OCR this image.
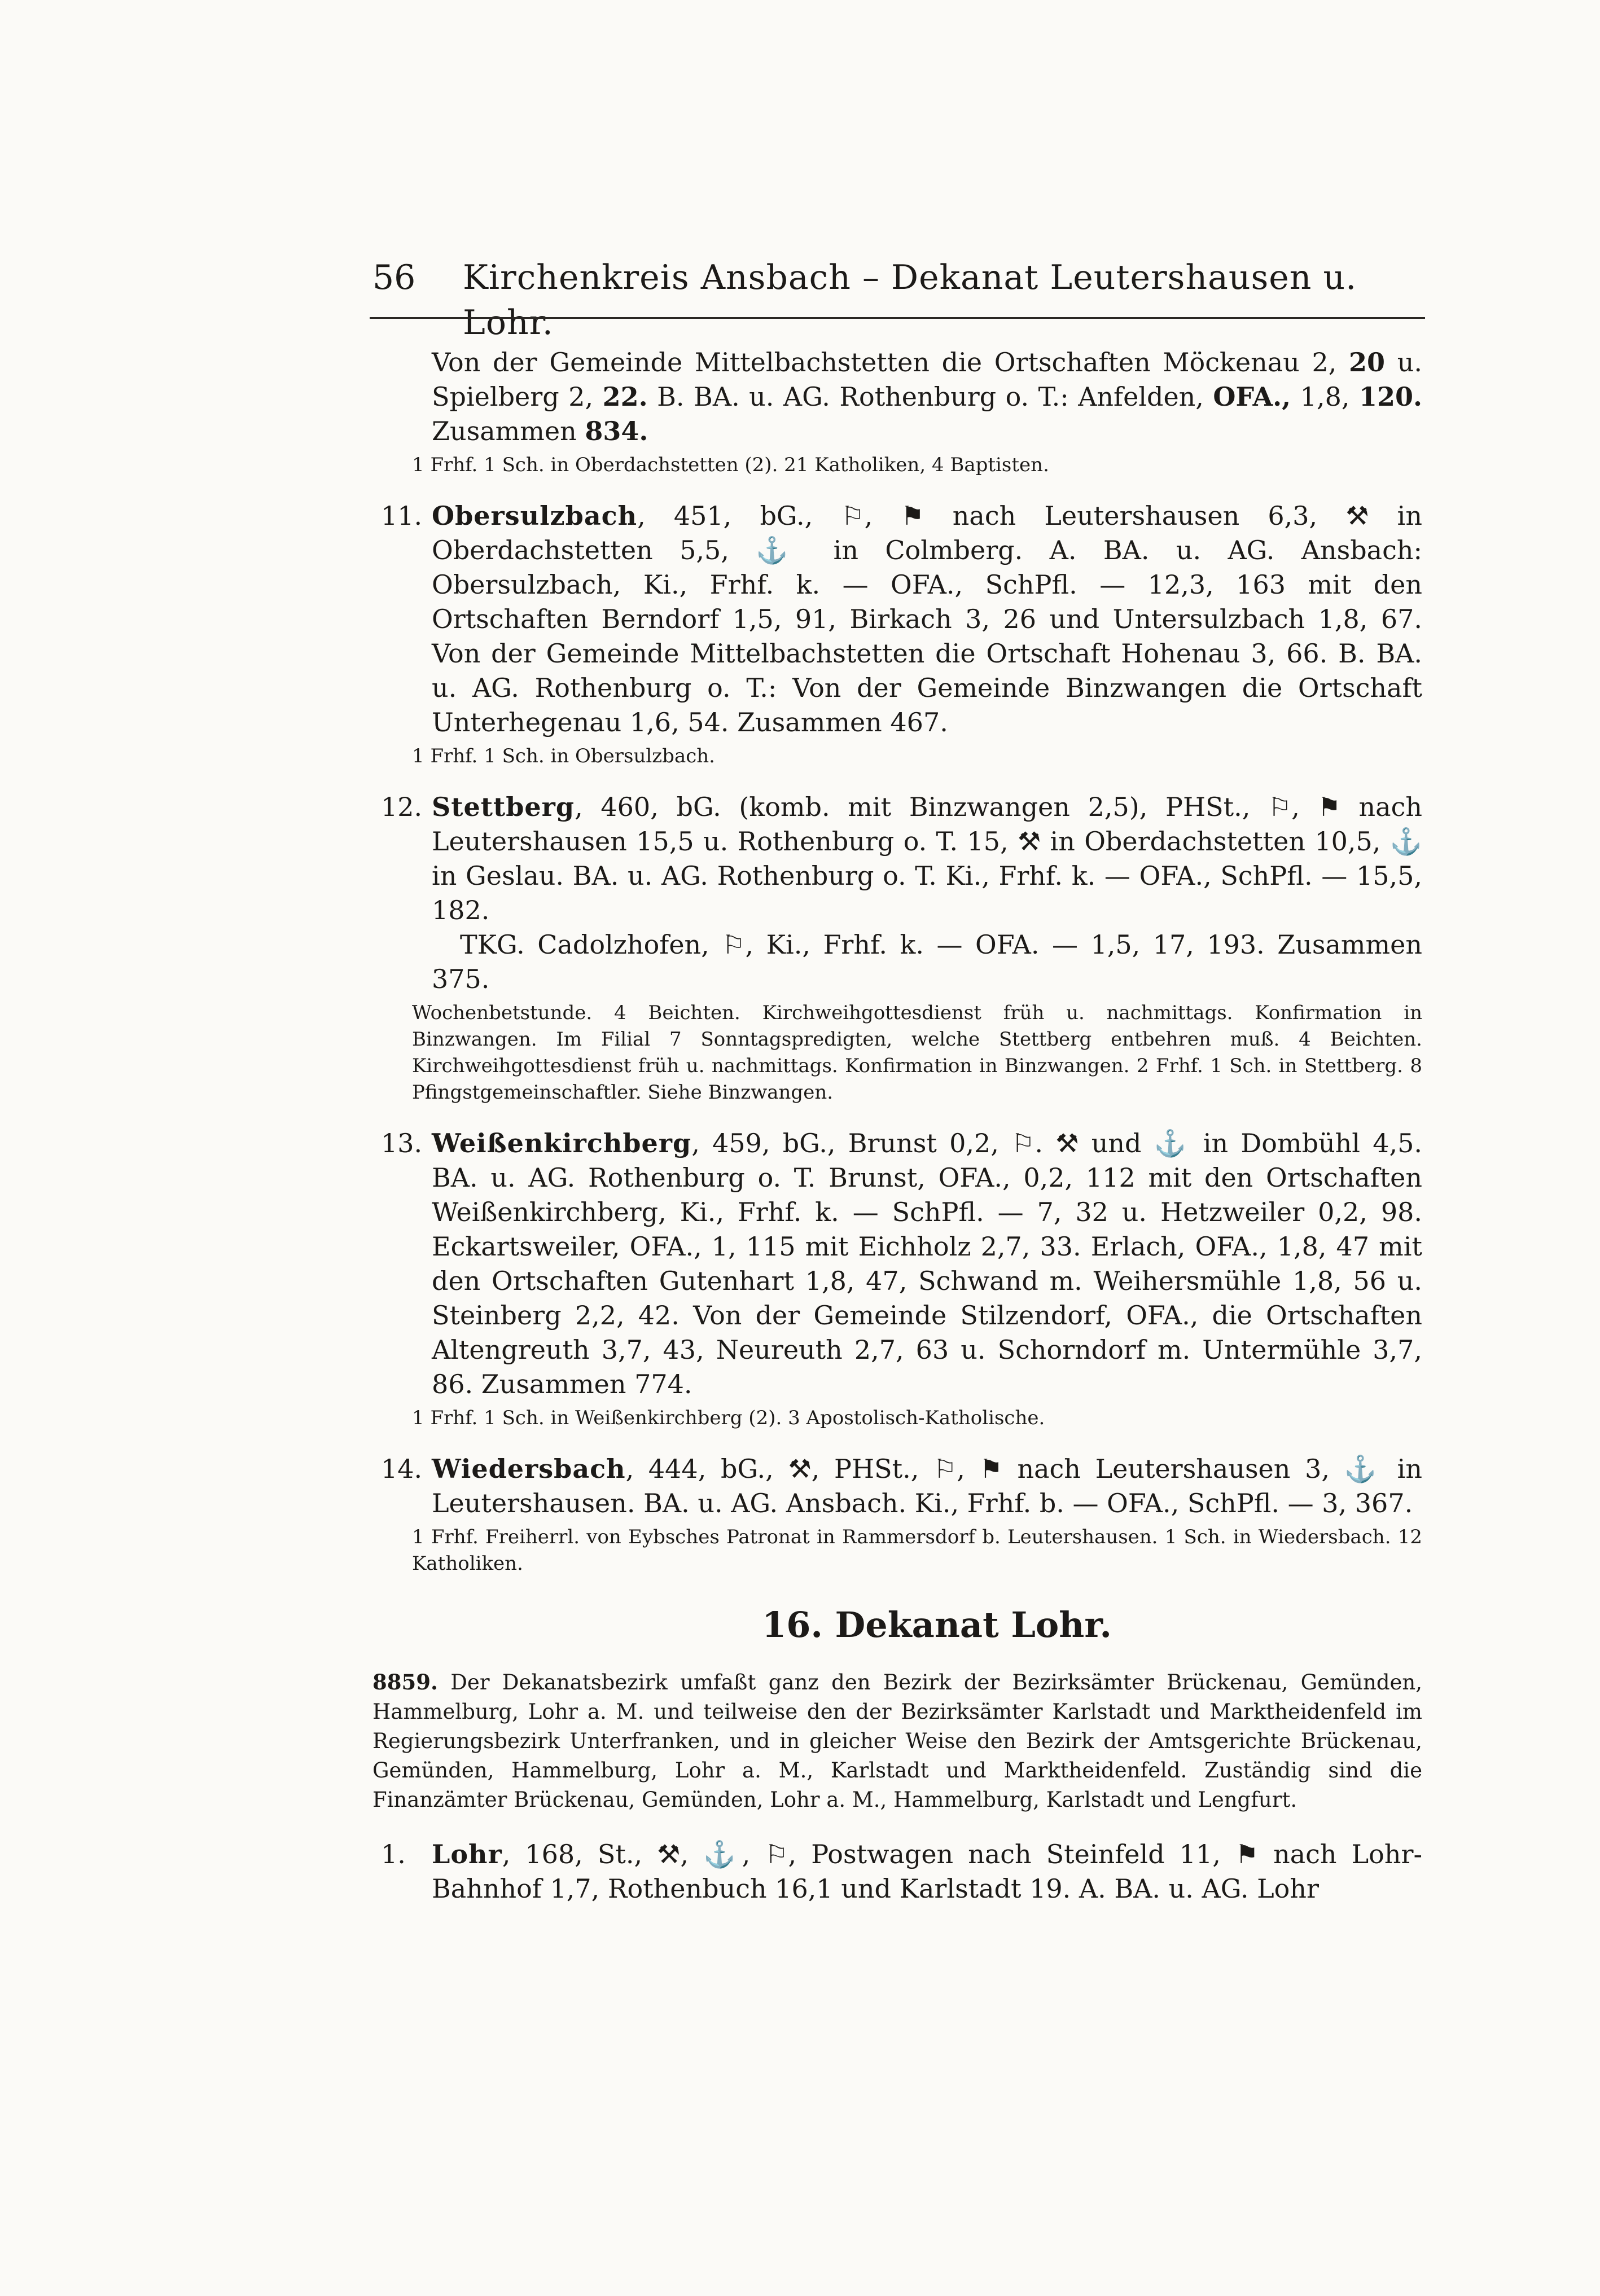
56	Kirchenkreis Ansbach – Dekanat Leutershausen u. Lohr.
Von der Gemeinde Mittelbachstetten die Ortschaften Möckenau 2, 20 u. Spielberg 2, 22. B. BA. u. AG. Rothenburg o. T.: Anfelden, OFA., 1,8, 120. Zusammen 834.
1 Frhf. 1 Sch. in Oberdachstetten (2). 21 Katholiken, 4 Baptisten.
11. Obersulzbach, 451, bG., ⚐, ⚑ nach Leutershausen 6,3, ⚒ in Oberdachstetten 5,5, ⚓ in Colmberg. A. BA. u. AG. Ansbach: Obersulzbach, Ki., Frhf. k. — OFA., SchPfl. — 12,3, 163 mit den Ortschaften Berndorf 1,5, 91, Birkach 3, 26 und Untersulzbach 1,8, 67. Von der Gemeinde Mittelbachstetten die Ortschaft Hohenau 3, 66. B. BA. u. AG. Rothenburg o. T.: Von der Gemeinde Binzwangen die Ortschaft Unterhegenau 1,6, 54. Zusammen 467.
1 Frhf. 1 Sch. in Obersulzbach.
12. Stettberg, 460, bG. (komb. mit Binzwangen 2,5), PHSt., ⚐, ⚑ nach Leutershausen 15,5 u. Rothenburg o. T. 15, ⚒ in Oberdachstetten 10,5, ⚓ in Geslau. BA. u. AG. Rothenburg o. T. Ki., Frhf. k. — OFA., SchPfl. — 15,5, 182.
TKG. Cadolzhofen, ⚐, Ki., Frhf. k. — OFA. — 1,5, 17, 193. Zusammen 375.
Wochenbetstunde. 4 Beichten. Kirchweihgottesdienst früh u. nachmittags. Konfirmation in Binzwangen. Im Filial 7 Sonntagspredigten, welche Stettberg entbehren muß. 4 Beichten. Kirchweihgottesdienst früh u. nachmittags. Konfirmation in Binzwangen. 2 Frhf. 1 Sch. in Stettberg. 8 Pfingstgemeinschaftler. Siehe Binzwangen.
13. Weißenkirchberg, 459, bG., Brunst 0,2, ⚐. ⚒ und ⚓ in Dombühl 4,5. BA. u. AG. Rothenburg o. T. Brunst, OFA., 0,2, 112 mit den Ortschaften Weißenkirchberg, Ki., Frhf. k. — SchPfl. — 7, 32 u. Hetzweiler 0,2, 98. Eckartsweiler, OFA., 1, 115 mit Eichholz 2,7, 33. Erlach, OFA., 1,8, 47 mit den Ortschaften Gutenhart 1,8, 47, Schwand m. Weihersmühle 1,8, 56 u. Steinberg 2,2, 42. Von der Gemeinde Stilzendorf, OFA., die Ortschaften Altengreuth 3,7, 43, Neureuth 2,7, 63 u. Schorndorf m. Untermühle 3,7, 86. Zusammen 774.
1 Frhf. 1 Sch. in Weißenkirchberg (2). 3 Apostolisch-Katholische.
14. Wiedersbach, 444, bG., ⚒, PHSt., ⚐, ⚑ nach Leutershausen 3, ⚓ in Leutershausen. BA. u. AG. Ansbach. Ki., Frhf. b. — OFA., SchPfl. — 3, 367.
1 Frhf. Freiherrl. von Eybsches Patronat in Rammersdorf b. Leutershausen. 1 Sch. in Wiedersbach. 12 Katholiken.
16. Dekanat Lohr.
8859. Der Dekanatsbezirk umfaßt ganz den Bezirk der Bezirksämter Brückenau, Gemünden, Hammelburg, Lohr a. M. und teilweise den der Bezirksämter Karlstadt und Marktheidenfeld im Regierungsbezirk Unterfranken, und in gleicher Weise den Bezirk der Amtsgerichte Brückenau, Gemünden, Hammelburg, Lohr a. M., Karlstadt und Marktheidenfeld. Zuständig sind die Finanzämter Brückenau, Gemünden, Lohr a. M., Hammelburg, Karlstadt und Lengfurt.
1. Lohr, 168, St., ⚒, ⚓, ⚐, Postwagen nach Steinfeld 11, ⚑ nach Lohr-Bahnhof 1,7, Rothenbuch 16,1 und Karlstadt 19. A. BA. u. AG. Lohr
